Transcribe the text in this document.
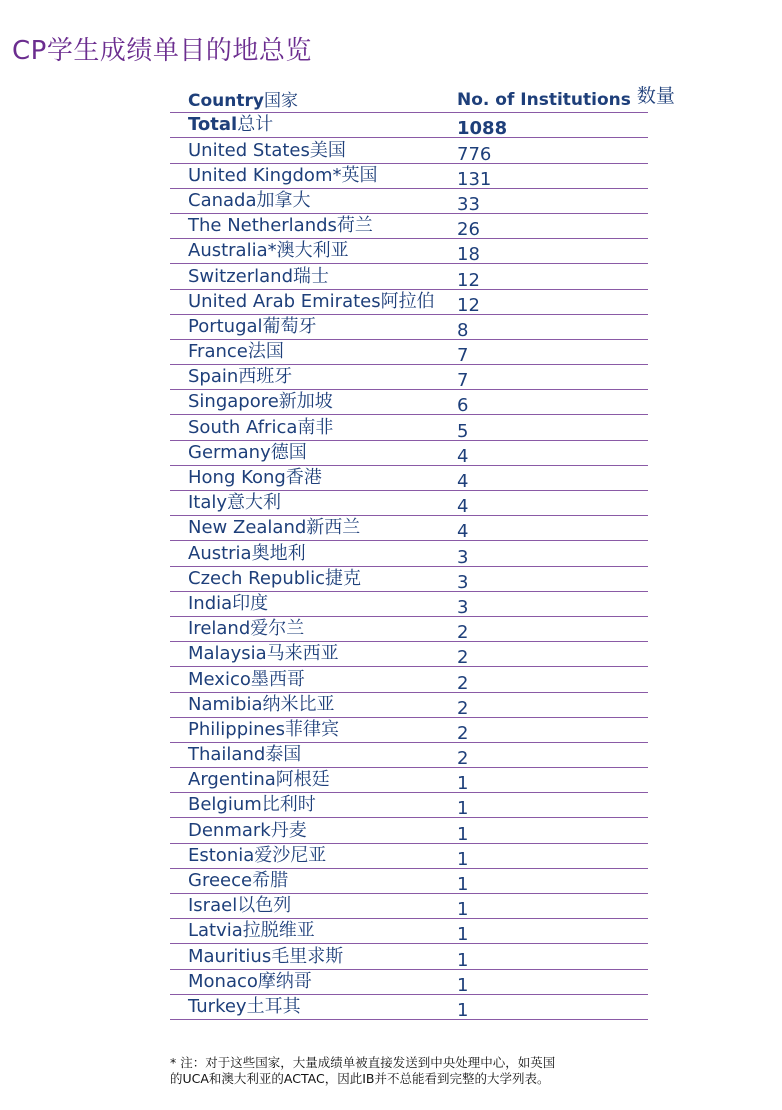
CP学生成绩单目的地总览
Country国家	No. of Institutions 数量
Total总计	1088
United States美国	776
United Kingdom*英国	131
Canada加拿大	33
The Netherlands荷兰	26
Australia*澳大利亚	18
Switzerland瑞士	12
United Arab Emirates阿拉伯 12
Portugal葡萄牙	8
France法国	7
Spain西班牙	7
Singapore新加坡	6
South Africa南非	5
Germany德国	4
Hong Kong香港	4
Italy意大利	4
New Zealand新西兰	4
Austria奥地利	3
Czech Republic捷克	3
India印度	3
Ireland爱尔兰	2
Malaysia马来西亚	2
Mexico墨西哥	2
Namibia纳米比亚	2
Philippines菲律宾	2
Thailand泰国	2
Argentina阿根廷	1
Belgium比利时	1
Denmark丹麦	1
Estonia爱沙尼亚	1
Greece希腊	1
Israel以色列	1
Latvia拉脱维亚	1
Mauritius毛里求斯	1
Monaco摩纳哥	1
Turkey土耳其	1
* 注：对于这些国家，大量成绩单被直接发送到中央处理中心，如英国
的UCA和澳大利亚的ACTAC，因此IB并不总能看到完整的大学列表。
